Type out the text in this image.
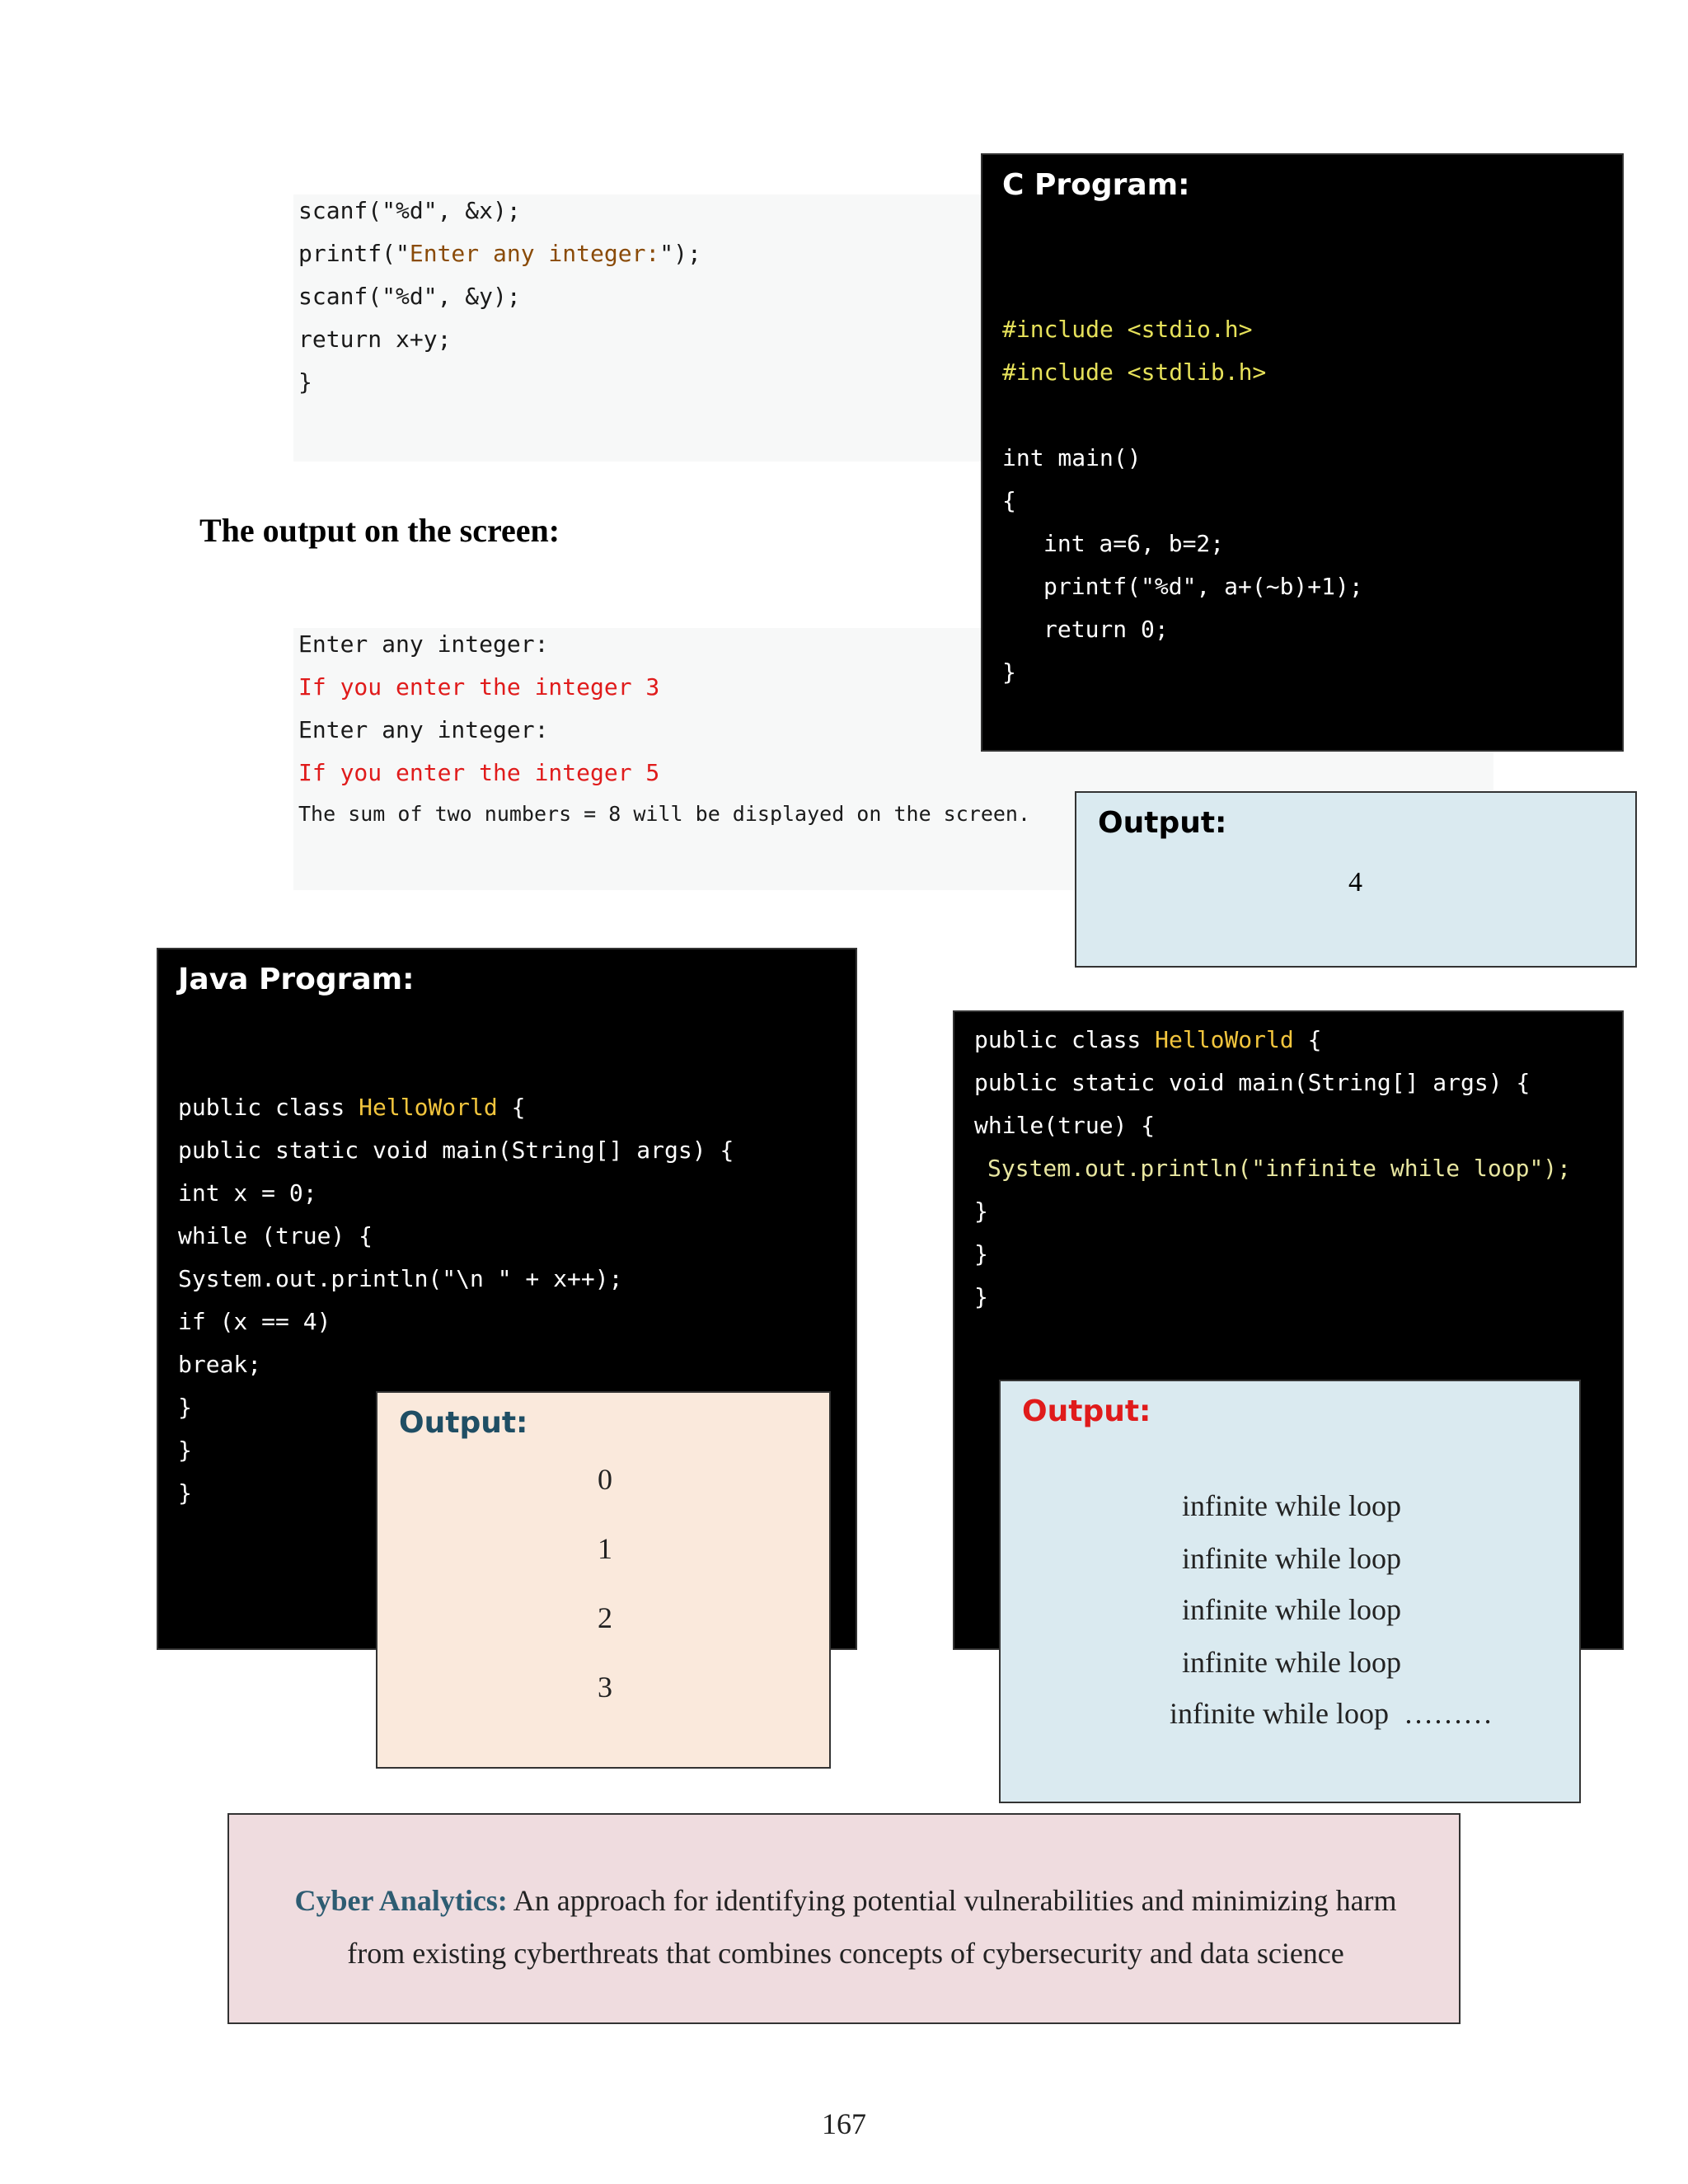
scanf("%d", &x);
printf("Enter any integer:");
scanf("%d", &y);
return x+y;
}
The output on the screen:
Enter any integer:
If you enter the integer 3
Enter any integer:
If you enter the integer 5
The sum of two numbers = 8 will be displayed on the screen.
C Program:
#include <stdio.h>
#include <stdlib.h>
int main()
{
int a=6, b=2;
printf("%d", a+(~b)+1);
return 0;
}
Output:
4
Java Program:
public class HelloWorld {
public static void main(String[] args) {
int x = 0;
while (true) {
System.out.println("\n " + x++);
if (x == 4)
break;
}
}
}
Output:
0
1
2
3
public class HelloWorld {
public static void main(String[] args) {
while(true) {
System.out.println("infinite while loop");
}
}
}
Output:
infinite while loop
infinite while loop
infinite while loop
infinite while loop
infinite while loop  ………
Cyber Analytics: An approach for identifying potential vulnerabilities and minimizing harm
from existing cyberthreats that combines concepts of cybersecurity and data science
167
